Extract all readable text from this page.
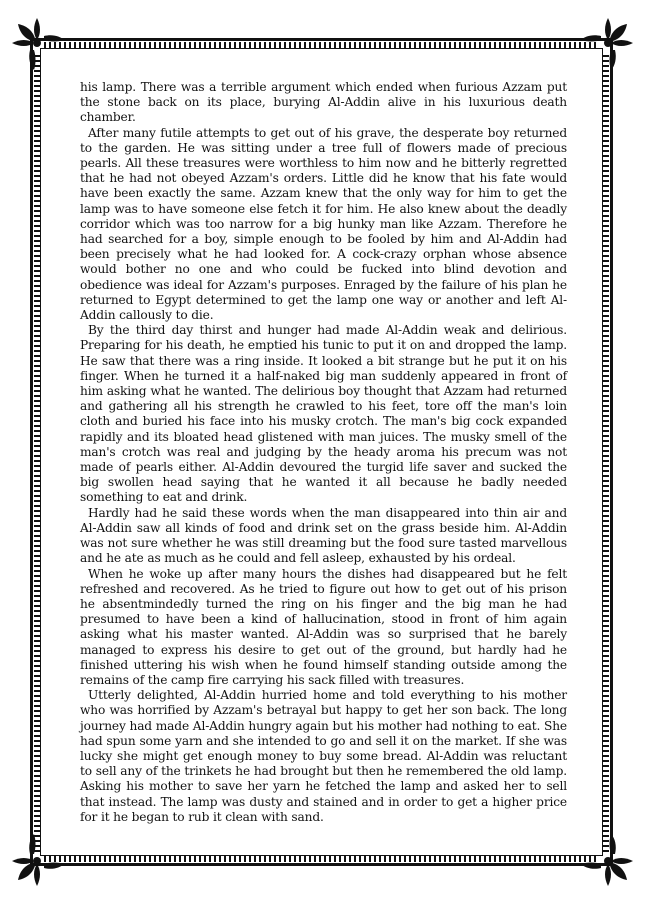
his lamp. There was a terrible argument which ended when furious Azzam put the stone back on its place, burying Al-Addin alive in his luxurious death chamber.

After many futile attempts to get out of his grave, the desperate boy returned to the garden. He was sitting under a tree full of flowers made of precious pearls. All these treasures were worthless to him now and he bitterly regretted that he had not obeyed Azzam's orders. Little did he know that his fate would have been exactly the same. Azzam knew that the only way for him to get the lamp was to have someone else fetch it for him. He also knew about the deadly corridor which was too narrow for a big hunky man like Azzam. Therefore he had searched for a boy, simple enough to be fooled by him and Al-Addin had been precisely what he had looked for. A cock-crazy orphan whose absence would bother no one and who could be fucked into blind devotion and obedience was ideal for Azzam's purposes. Enraged by the failure of his plan he returned to Egypt determined to get the lamp one way or another and left Al-Addin callously to die.

By the third day thirst and hunger had made Al-Addin weak and delirious. Preparing for his death, he emptied his tunic to put it on and dropped the lamp. He saw that there was a ring inside. It looked a bit strange but he put it on his finger. When he turned it a half-naked big man suddenly appeared in front of him asking what he wanted. The delirious boy thought that Azzam had returned and gathering all his strength he crawled to his feet, tore off the man's loin cloth and buried his face into his musky crotch. The man's big cock expanded rapidly and its bloated head glistened with man juices. The musky smell of the man's crotch was real and judging by the heady aroma his precum was not made of pearls either. Al-Addin devoured the turgid life saver and sucked the big swollen head saying that he wanted it all because he badly needed something to eat and drink.

Hardly had he said these words when the man disappeared into thin air and Al-Addin saw all kinds of food and drink set on the grass beside him. Al-Addin was not sure whether he was still dreaming but the food sure tasted marvellous and he ate as much as he could and fell asleep, exhausted by his ordeal.

When he woke up after many hours the dishes had disappeared but he felt refreshed and recovered. As he tried to figure out how to get out of his prison he absentmindedly turned the ring on his finger and the big man he had presumed to have been a kind of hallucination, stood in front of him again asking what his master wanted. Al-Addin was so surprised that he barely managed to express his desire to get out of the ground, but hardly had he finished uttering his wish when he found himself standing outside among the remains of the camp fire carrying his sack filled with treasures.

Utterly delighted, Al-Addin hurried home and told everything to his mother who was horrified by Azzam's betrayal but happy to get her son back. The long journey had made Al-Addin hungry again but his mother had nothing to eat. She had spun some yarn and she intended to go and sell it on the market. If she was lucky she might get enough money to buy some bread. Al-Addin was reluctant to sell any of the trinkets he had brought but then he remembered the old lamp. Asking his mother to save her yarn he fetched the lamp and asked her to sell that instead. The lamp was dusty and stained and in order to get a higher price for it he began to rub it clean with sand.
